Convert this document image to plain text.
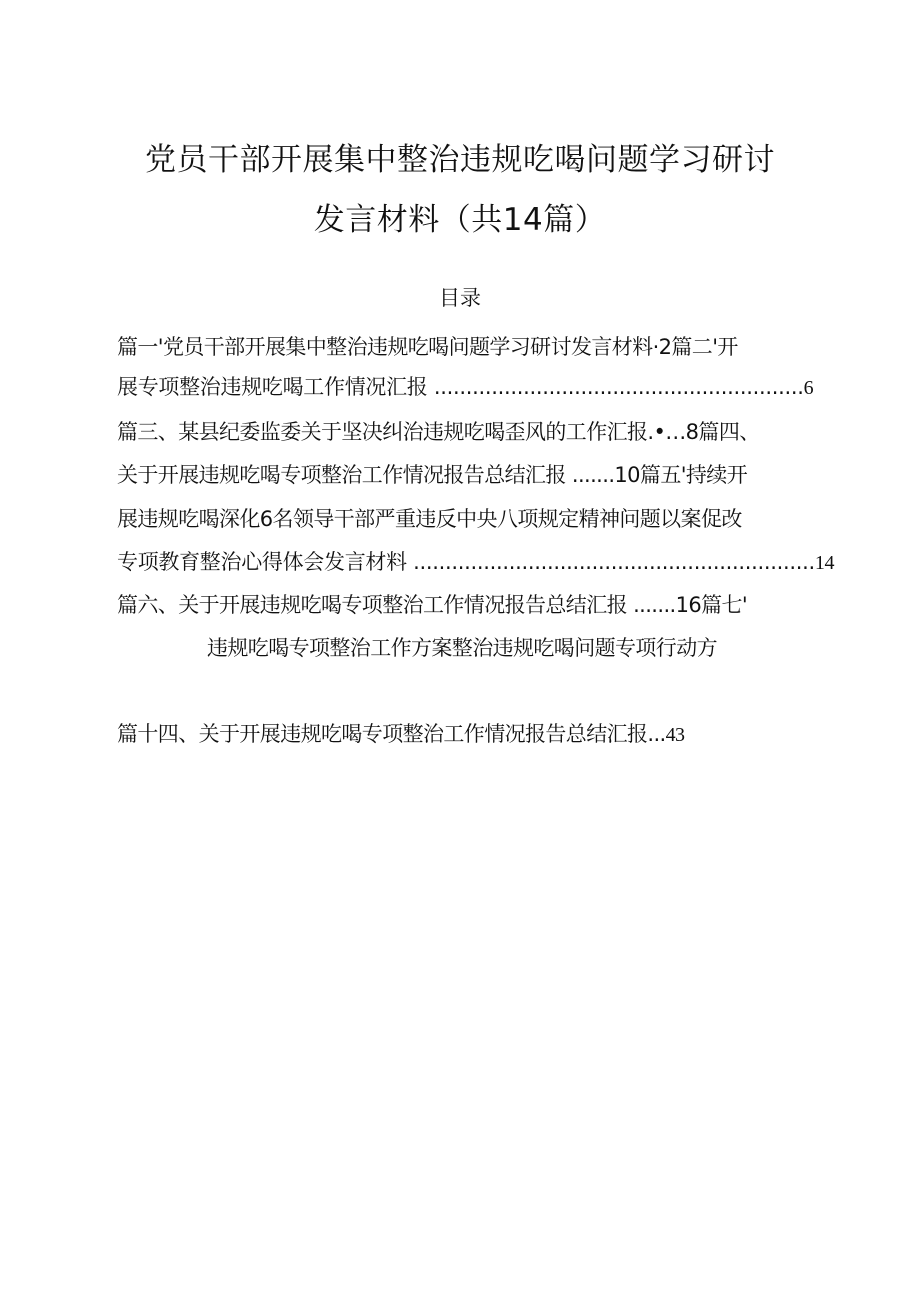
党员干部开展集中整治违规吃喝问题学习研讨
发言材料（共14篇）
目录
篇一'党员干部开展集中整治违规吃喝问题学习研讨发言材料·2篇二'开
展专项整治违规吃喝工作情况汇报 ..........................................................6
篇三、某县纪委监委关于坚决纠治违规吃喝歪风的工作汇报.•…8篇四、
关于开展违规吃喝专项整治工作情况报告总结汇报 .......10篇五'持续开
展违规吃喝深化6名领导干部严重违反中央八项规定精神问题以案促改
专项教育整治心得体会发言材料 ...............................................................14
篇六、关于开展违规吃喝专项整治工作情况报告总结汇报 .......16篇七'
违规吃喝专项整治工作方案整治违规吃喝问题专项行动方
篇十四、关于开展违规吃喝专项整治工作情况报告总结汇报...43
